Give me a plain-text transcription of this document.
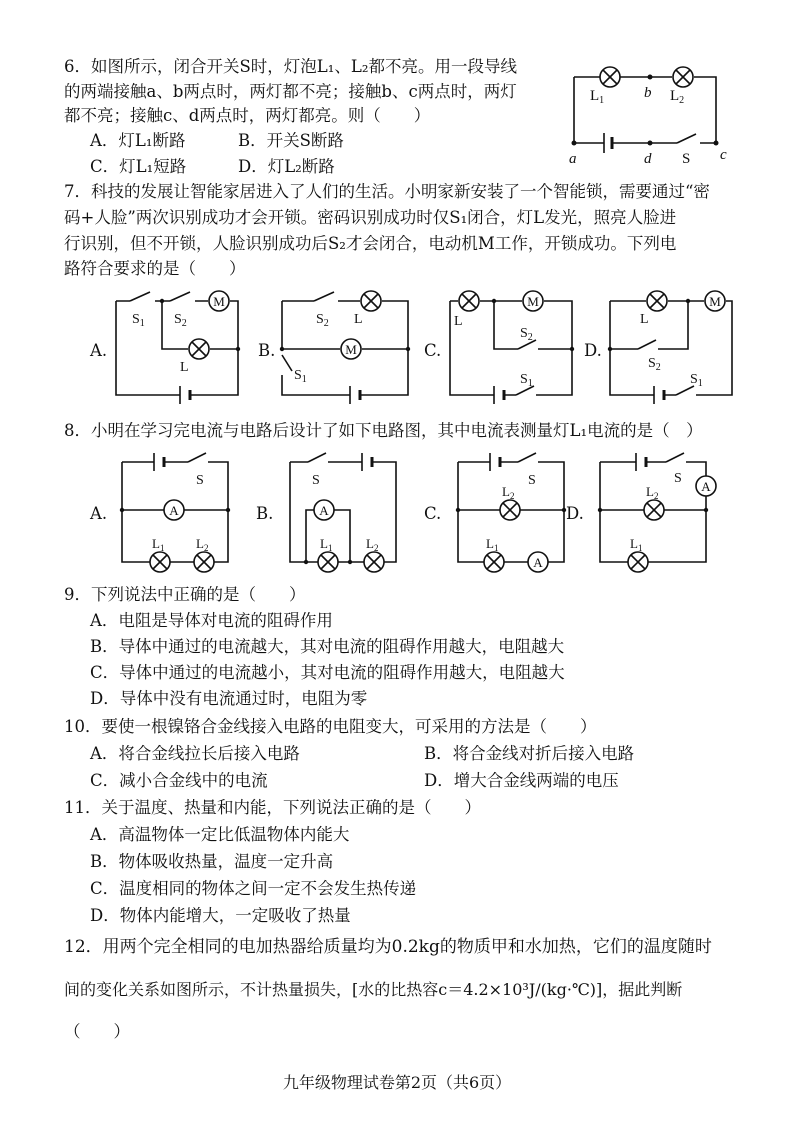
6．如图所示，闭合开关S时，灯泡L₁、L₂都不亮。用一段导线
的两端接触a、b两点时，两灯都不亮；接触b、c两点时，两灯
都不亮；接触c、d两点时，两灯都亮。则（　　）
A．灯L₁断路	B．开关S断路
C．灯L₁短路	D．灯L₂断路
$L_1$	$L_2$
b
a	d S c
7．科技的发展让智能家居进入了人们的生活。小明家新安装了一个智能锁，需要通过“密
码+人脸”两次识别成功才会开锁。密码识别成功时仅S₁闭合，灯L发光，照亮人脸进
行识别，但不开锁，人脸识别成功后S₂才会闭合，电动机M工作，开锁成功。下列电
路符合要求的是（　　）
A.	B.	C.	D.
M
$S_1$ $S_2$
L
M
$S_2$ L
$S_1$
M
L
$S_2$
$S_1$
M
L
$S_2$
$S_1$
8．小明在学习完电流与电路后设计了如下电路图，其中电流表测量灯L₁电流的是（　）
A.	B.	C.	D.
A
S
$L_1$ $L_2$
A
S
$L_1$	$L_2$
A
S
$L_2$
$L_1$
A
S
$L_2$
$L_1$
9．下列说法中正确的是（　　）
A．电阻是导体对电流的阻碍作用
B．导体中通过的电流越大，其对电流的阻碍作用越大，电阻越大
C．导体中通过的电流越小，其对电流的阻碍作用越大，电阻越大
D．导体中没有电流通过时，电阻为零
10．要使一根镍铬合金线接入电路的电阻变大，可采用的方法是（　　）
A．将合金线拉长后接入电路	B．将合金线对折后接入电路
C．减小合金线中的电流	D．增大合金线两端的电压
11．关于温度、热量和内能，下列说法正确的是（　　）
A．高温物体一定比低温物体内能大
B．物体吸收热量，温度一定升高
C．温度相同的物体之间一定不会发生热传递
D．物体内能增大，一定吸收了热量
12．用两个完全相同的电加热器给质量均为0.2kg的物质甲和水加热，它们的温度随时
间的变化关系如图所示，不计热量损失，[水的比热容c＝4.2×10³J/(kg·℃)]，据此判断
（　　）
九年级物理试卷第2页（共6页）
